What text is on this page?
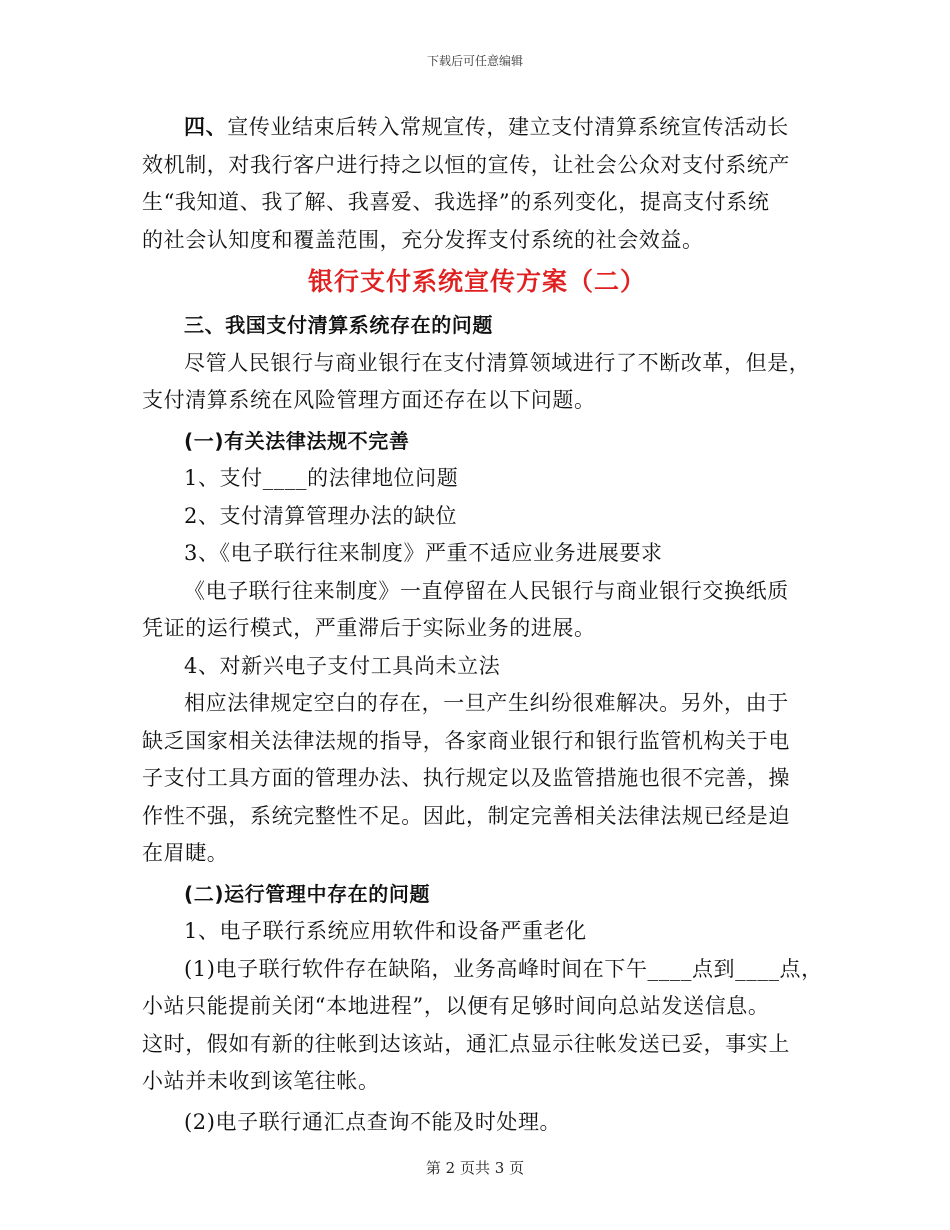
下载后可任意编辑

四、宣传业结束后转入常规宣传，建立支付清算系统宣传活动长

效机制，对我行客户进行持之以恒的宣传，让社会公众对支付系统产

生“我知道、我了解、我喜爱、我选择”的系列变化，提高支付系统

的社会认知度和覆盖范围，充分发挥支付系统的社会效益。

银行支付系统宣传方案（二）

三、我国支付清算系统存在的问题

尽管人民银行与商业银行在支付清算领域进行了不断改革，但是，

支付清算系统在风险管理方面还存在以下问题。

(一)有关法律法规不完善

1、支付____的法律地位问题

2、支付清算管理办法的缺位

3、《电子联行往来制度》严重不适应业务进展要求

《电子联行往来制度》一直停留在人民银行与商业银行交换纸质

凭证的运行模式，严重滞后于实际业务的进展。

4、对新兴电子支付工具尚未立法

相应法律规定空白的存在，一旦产生纠纷很难解决。另外，由于

缺乏国家相关法律法规的指导，各家商业银行和银行监管机构关于电

子支付工具方面的管理办法、执行规定以及监管措施也很不完善，操

作性不强，系统完整性不足。因此，制定完善相关法律法规已经是迫

在眉睫。

(二)运行管理中存在的问题

1、电子联行系统应用软件和设备严重老化

(1)电子联行软件存在缺陷，业务高峰时间在下午____点到____点，

小站只能提前关闭“本地进程”，以便有足够时间向总站发送信息。

这时，假如有新的往帐到达该站，通汇点显示往帐发送已妥，事实上

小站并未收到该笔往帐。

(2)电子联行通汇点查询不能及时处理。

第 2 页共 3 页
